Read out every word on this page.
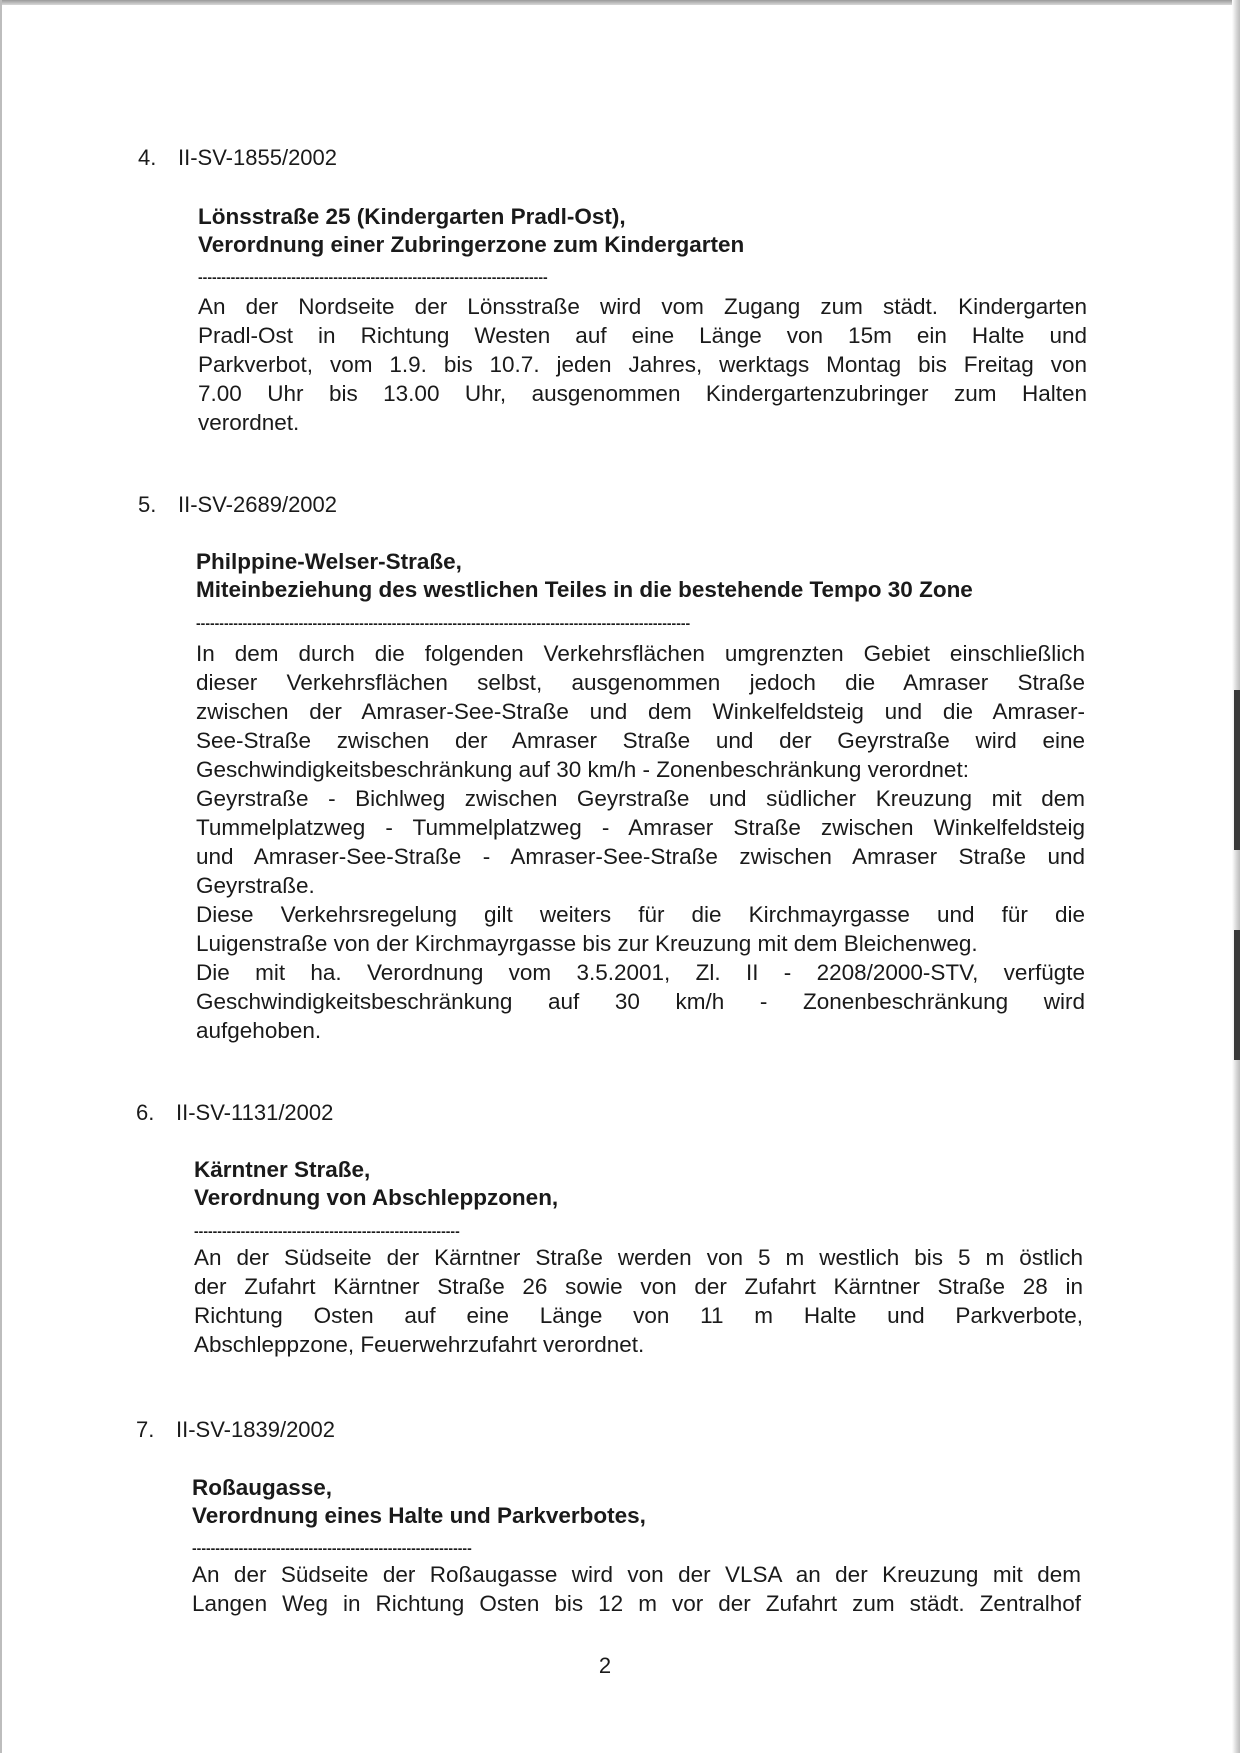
4. II-SV-1855/2002
Lönsstraße 25 (Kindergarten Pradl-Ost),
Verordnung einer Zubringerzone zum Kindergarten
---------------------------------------------------------------------------
An der Nordseite der Lönsstraße wird vom Zugang zum städt. Kindergarten
Pradl-Ost in Richtung Westen auf eine Länge von 15m ein Halte und
Parkverbot, vom 1.9. bis 10.7. jeden Jahres, werktags Montag bis Freitag von
7.00 Uhr bis 13.00 Uhr, ausgenommen Kindergartenzubringer zum Halten
verordnet.
5. II-SV-2689/2002
Philppine-Welser-Straße,
Miteinbeziehung des westlichen Teiles in die bestehende Tempo 30 Zone
----------------------------------------------------------------------------------------------------------
In dem durch die folgenden Verkehrsflächen umgrenzten Gebiet einschließlich
dieser Verkehrsflächen selbst, ausgenommen jedoch die Amraser Straße
zwischen der Amraser-See-Straße und dem Winkelfeldsteig und die Amraser-
See-Straße zwischen der Amraser Straße und der Geyrstraße wird eine
Geschwindigkeitsbeschränkung auf 30 km/h - Zonenbeschränkung verordnet:
Geyrstraße - Bichlweg zwischen Geyrstraße und südlicher Kreuzung mit dem
Tummelplatzweg - Tummelplatzweg - Amraser Straße zwischen Winkelfeldsteig
und Amraser-See-Straße - Amraser-See-Straße zwischen Amraser Straße und
Geyrstraße.
Diese Verkehrsregelung gilt weiters für die Kirchmayrgasse und für die
Luigenstraße von der Kirchmayrgasse bis zur Kreuzung mit dem Bleichenweg.
Die mit ha. Verordnung vom 3.5.2001, Zl. II - 2208/2000-STV, verfügte
Geschwindigkeitsbeschränkung auf 30 km/h - Zonenbeschränkung wird
aufgehoben.
6. II-SV-1131/2002
Kärntner Straße,
Verordnung von Abschleppzonen,
---------------------------------------------------------
An der Südseite der Kärntner Straße werden von 5 m westlich bis 5 m östlich
der Zufahrt Kärntner Straße 26 sowie von der Zufahrt Kärntner Straße 28 in
Richtung Osten auf eine Länge von 11 m Halte und Parkverbote,
Abschleppzone, Feuerwehrzufahrt verordnet.
7. II-SV-1839/2002
Roßaugasse,
Verordnung eines Halte und Parkverbotes,
------------------------------------------------------------
An der Südseite der Roßaugasse wird von der VLSA an der Kreuzung mit dem
Langen Weg in Richtung Osten bis 12 m vor der Zufahrt zum städt. Zentralhof
2
